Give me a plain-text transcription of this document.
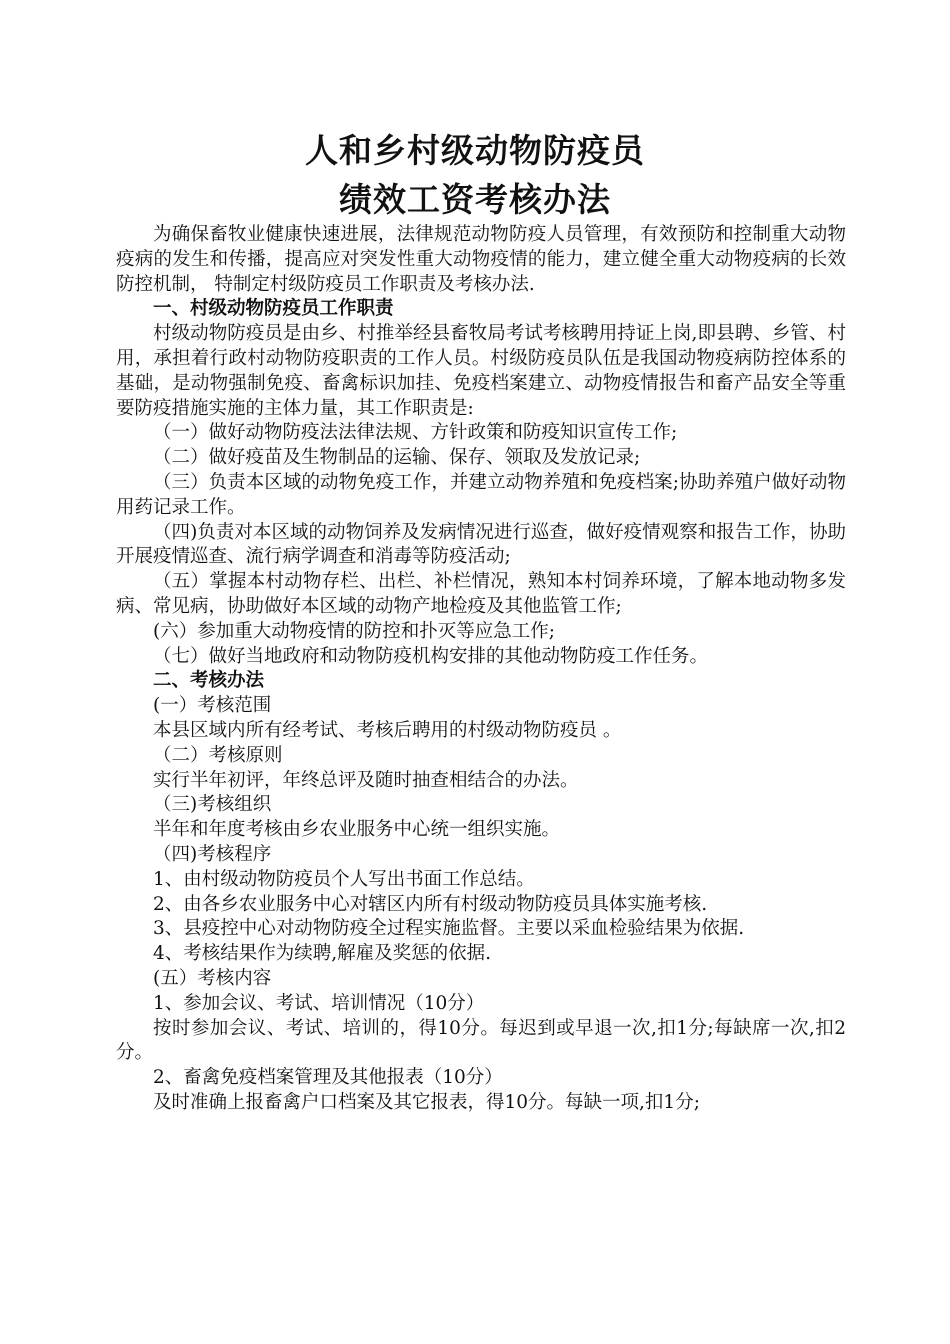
人和乡村级动物防疫员
绩效工资考核办法

为确保畜牧业健康快速进展，法律规范动物防疫人员管理，有效预防和控制重大动物疫病的发生和传播，提高应对突发性重大动物疫情的能力，建立健全重大动物疫病的长效防控机制， 特制定村级防疫员工作职责及考核办法.

一、村级动物防疫员工作职责

村级动物防疫员是由乡、村推举经县畜牧局考试考核聘用持证上岗,即县聘、乡管、村用，承担着行政村动物防疫职责的工作人员。村级防疫员队伍是我国动物疫病防控体系的基础，是动物强制免疫、畜禽标识加挂、免疫档案建立、动物疫情报告和畜产品安全等重要防疫措施实施的主体力量，其工作职责是:

（一）做好动物防疫法法律法规、方针政策和防疫知识宣传工作;

（二）做好疫苗及生物制品的运输、保存、领取及发放记录;

（三）负责本区域的动物免疫工作，并建立动物养殖和免疫档案;协助养殖户做好动物用药记录工作。

（四)负责对本区域的动物饲养及发病情况进行巡查，做好疫情观察和报告工作，协助开展疫情巡查、流行病学调查和消毒等防疫活动;

（五）掌握本村动物存栏、出栏、补栏情况，熟知本村饲养环境，了解本地动物多发病、常见病，协助做好本区域的动物产地检疫及其他监管工作;

(六）参加重大动物疫情的防控和扑灭等应急工作;

（七）做好当地政府和动物防疫机构安排的其他动物防疫工作任务。

二、考核办法

(一）考核范围

本县区域内所有经考试、考核后聘用的村级动物防疫员 。

（二）考核原则

实行半年初评，年终总评及随时抽查相结合的办法。

（三)考核组织

半年和年度考核由乡农业服务中心统一组织实施。

（四)考核程序

1、由村级动物防疫员个人写出书面工作总结。

2、由各乡农业服务中心对辖区内所有村级动物防疫员具体实施考核.

3、县疫控中心对动物防疫全过程实施监督。主要以采血检验结果为依据.

4、考核结果作为续聘,解雇及奖惩的依据.

(五）考核内容

1、参加会议、考试、培训情况（10分）

按时参加会议、考试、培训的，得10分。每迟到或早退一次,扣1分;每缺席一次,扣2分。

2、畜禽免疫档案管理及其他报表（10分）

及时准确上报畜禽户口档案及其它报表，得10分。每缺一项,扣1分;
